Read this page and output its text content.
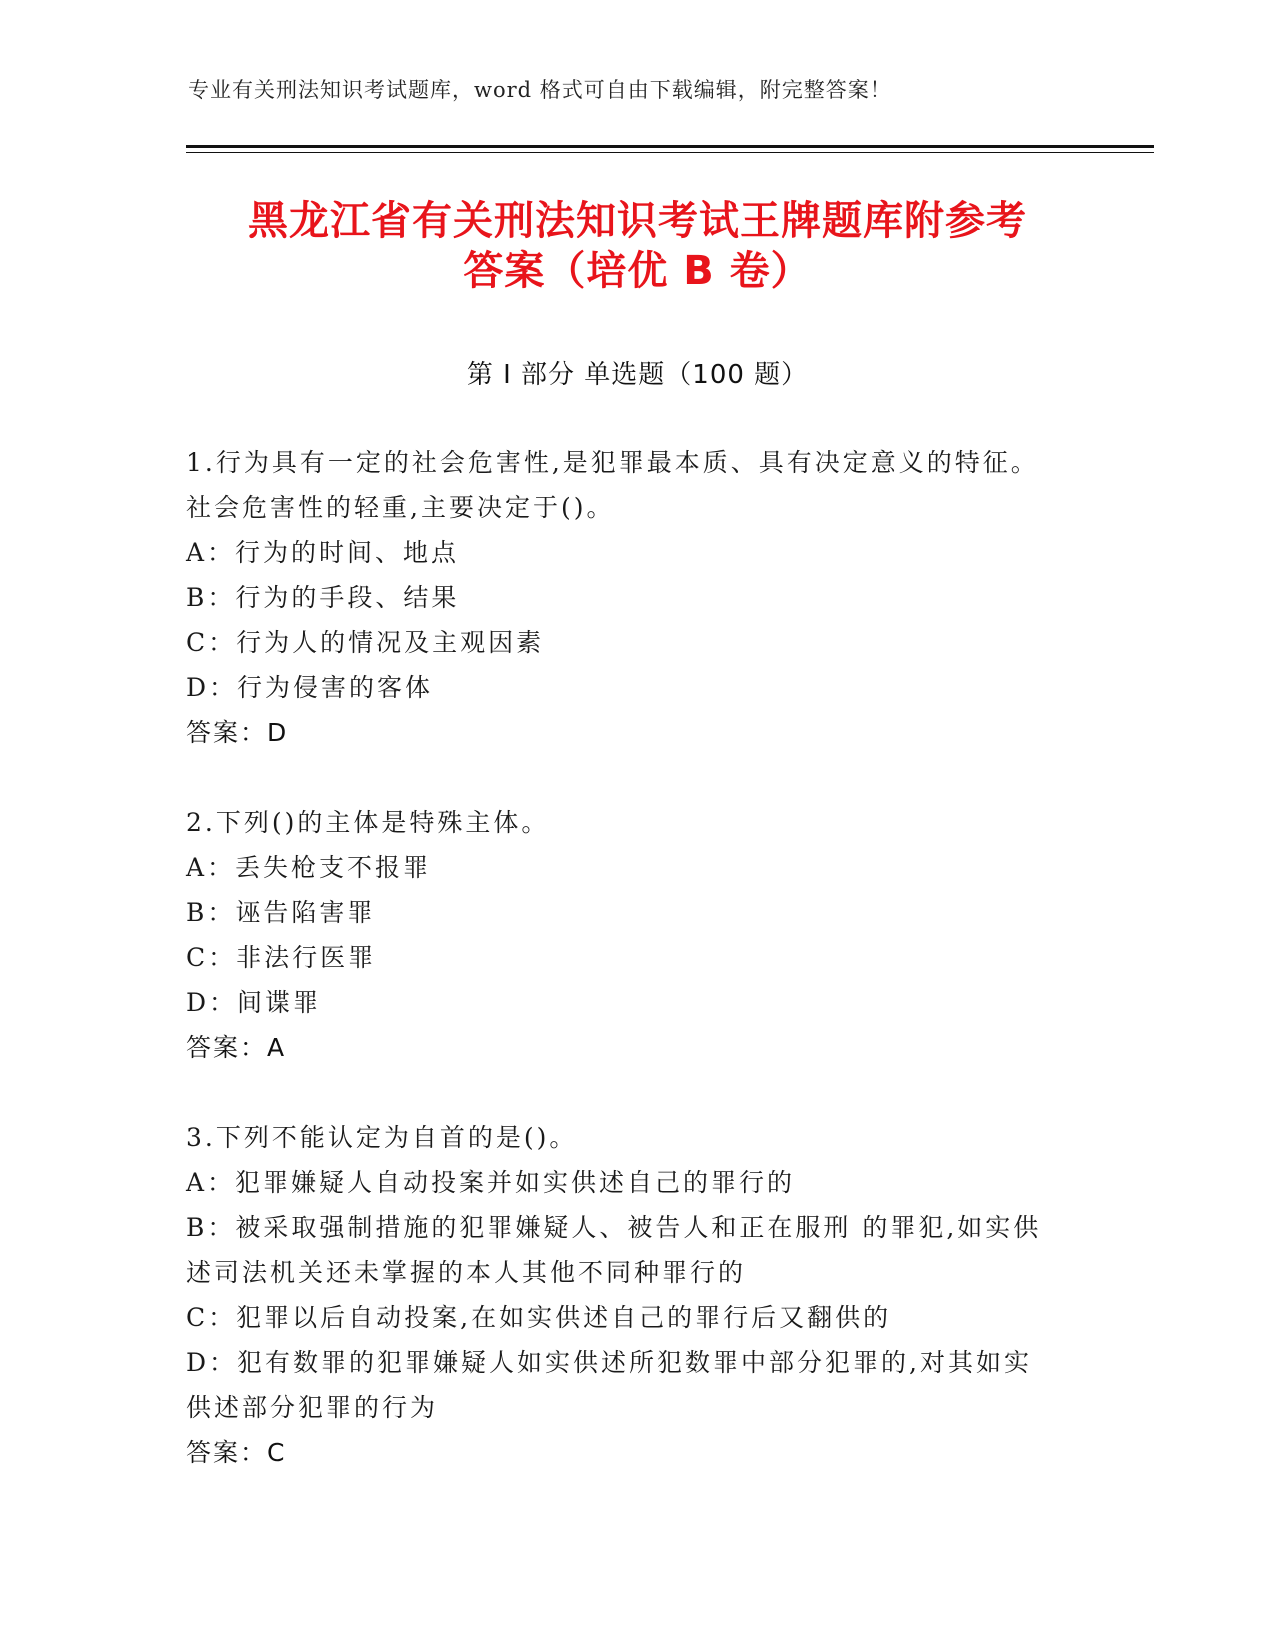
专业有关刑法知识考试题库，word 格式可自由下载编辑，附完整答案！
黑龙江省有关刑法知识考试王牌题库附参考
答案（培优 B 卷）
第 I 部分 单选题（100 题）
1.行为具有一定的社会危害性,是犯罪最本质、具有决定意义的特征。
社会危害性的轻重,主要决定于()。
A：行为的时间、地点
B：行为的手段、结果
C：行为人的情况及主观因素
D：行为侵害的客体
答案：D
2.下列()的主体是特殊主体。
A：丢失枪支不报罪
B：诬告陷害罪
C：非法行医罪
D：间谍罪
答案：A
3.下列不能认定为自首的是()。
A：犯罪嫌疑人自动投案并如实供述自己的罪行的
B：被采取强制措施的犯罪嫌疑人、被告人和正在服刑 的罪犯,如实供
述司法机关还未掌握的本人其他不同种罪行的
C：犯罪以后自动投案,在如实供述自己的罪行后又翻供的
D：犯有数罪的犯罪嫌疑人如实供述所犯数罪中部分犯罪的,对其如实
供述部分犯罪的行为
答案：C
